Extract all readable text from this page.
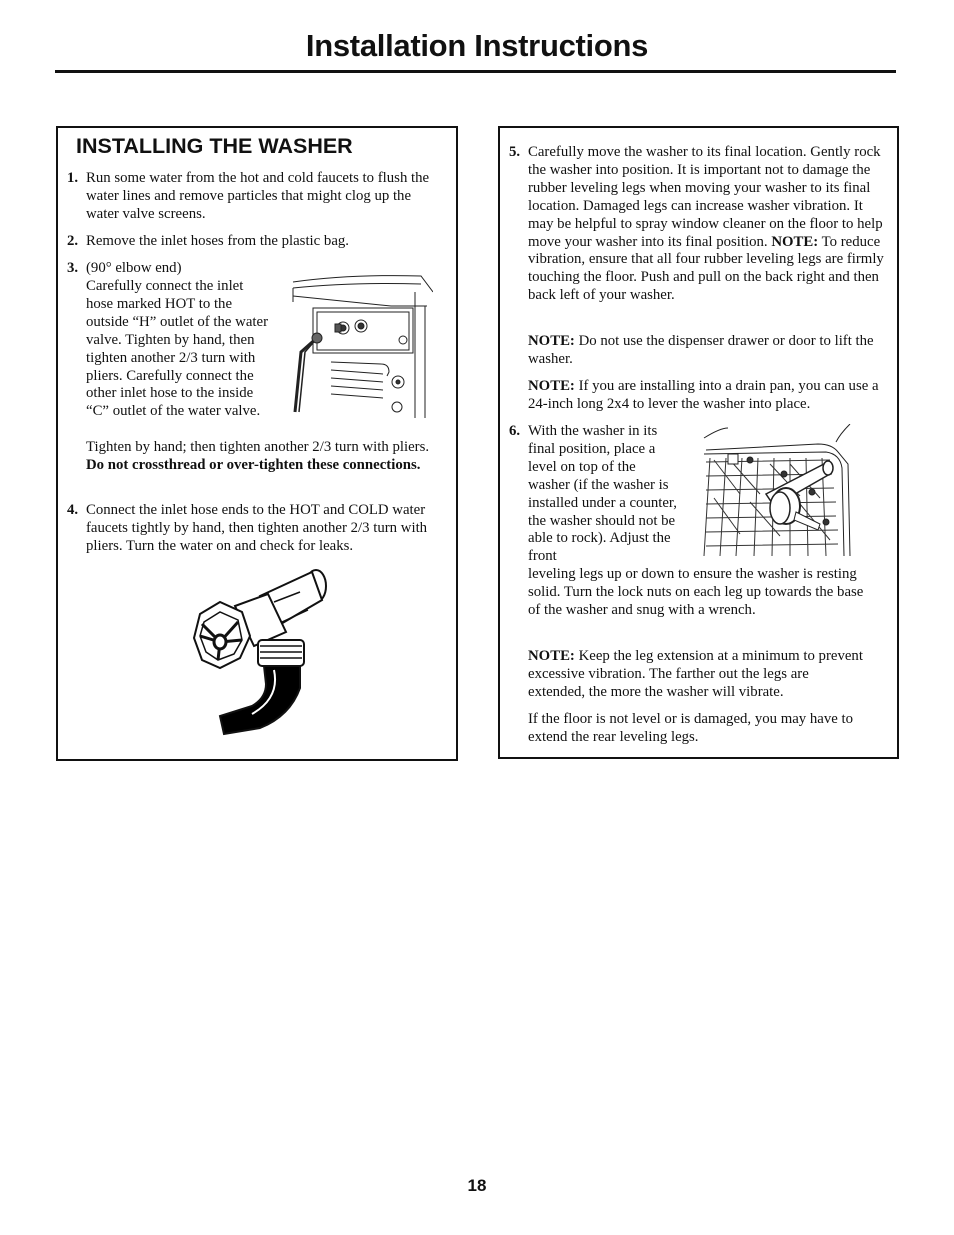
Installation Instructions
INSTALLING THE WASHER
1. Run some water from the hot and cold faucets to flush the water lines and remove particles that might clog up the water valve screens.
2. Remove the inlet hoses from the plastic bag.
3. (90° elbow end)
Carefully connect the inlet hose marked HOT to the outside “H” outlet of the water valve. Tighten by hand, then tighten another 2/3 turn with pliers. Carefully connect the other inlet hose to the inside “C” outlet of the water valve.
Tighten by hand; then tighten another 2/3 turn with pliers. Do not crossthread or over-tighten these connections.
4. Connect the inlet hose ends to the HOT and COLD water faucets tightly by hand, then tighten another 2/3 turn with pliers. Turn the water on and check for leaks.
5. Carefully move the washer to its final location. Gently rock the washer into position. It is important not to damage the rubber leveling legs when moving your washer to its final location. Damaged legs can increase washer vibration. It may be helpful to spray window cleaner on the floor to help move your washer into its final position. NOTE: To reduce vibration, ensure that all four rubber leveling legs are firmly touching the floor. Push and pull on the back right and then back left of your washer.
NOTE: Do not use the dispenser drawer or door to lift the washer.
NOTE: If you are installing into a drain pan, you can use a 24-inch long 2x4 to lever the washer into place.
6. With the washer in its final position, place a level on top of the washer (if the washer is installed under a counter, the washer should not be able to rock). Adjust the front
leveling legs up or down to ensure the washer is resting solid. Turn the lock nuts on each leg up towards the base of the washer and snug with a wrench.
NOTE: Keep the leg extension at a minimum to prevent excessive vibration. The farther out the legs are extended, the more the washer will vibrate.
If the floor is not level or is damaged, you may have to extend the rear leveling legs.
18
